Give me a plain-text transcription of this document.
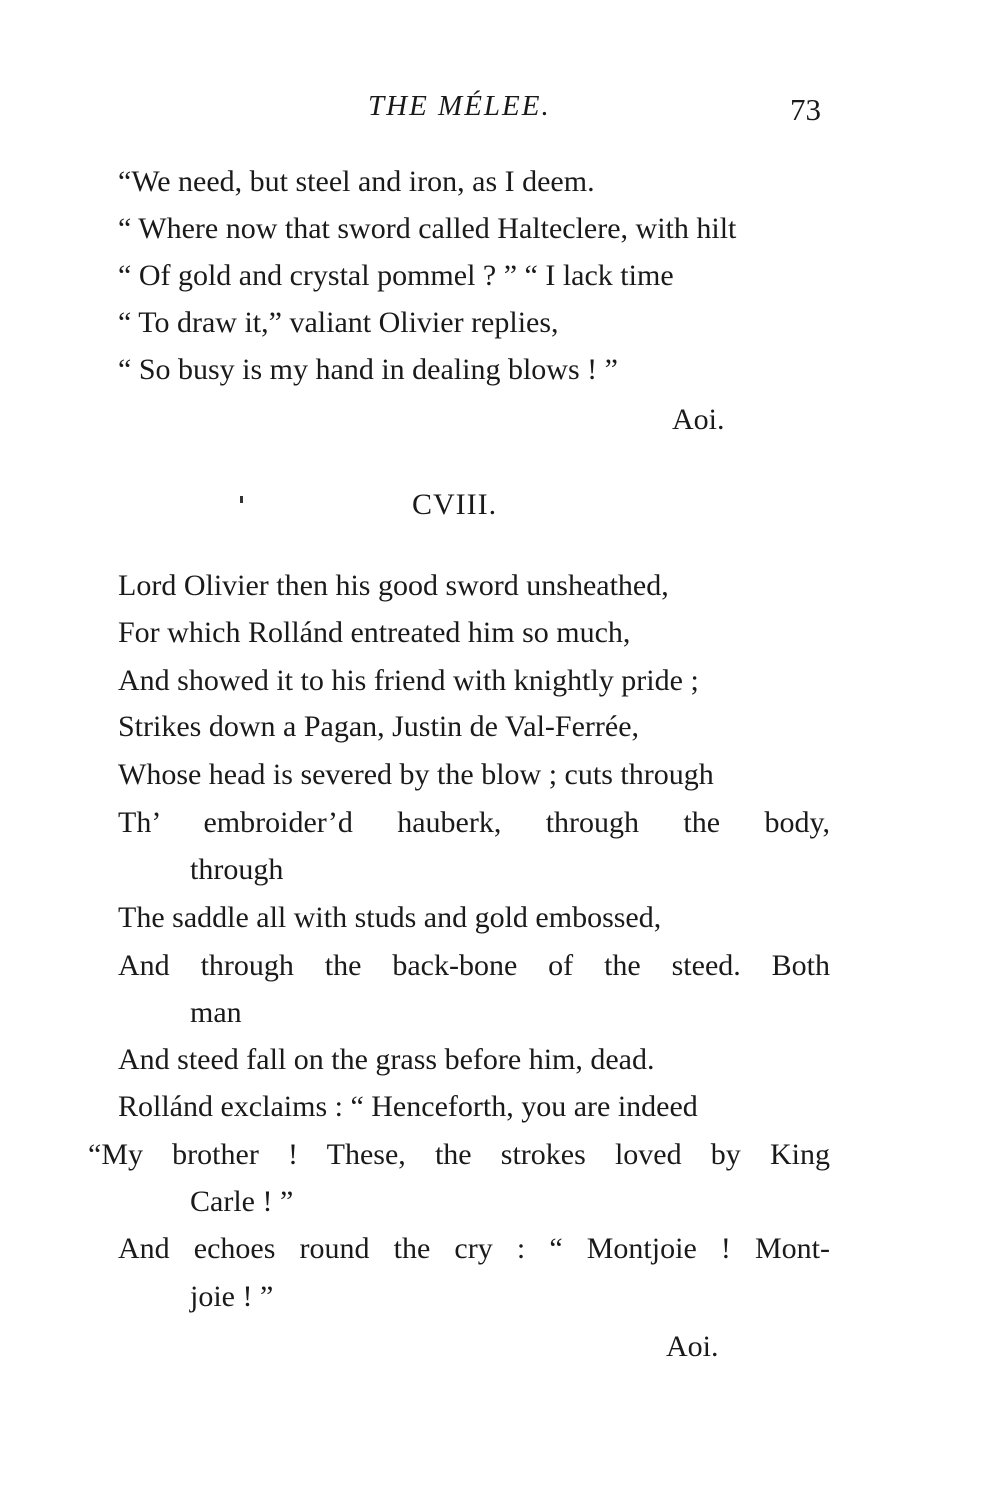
THE MÉLEE.	73

“We need, but steel and iron, as I deem.

“ Where now that sword called Halteclere, with hilt

“ Of gold and crystal pommel ? ” “ I lack time

“ To draw it,” valiant Olivier replies,

“ So busy is my hand in dealing blows ! ”

Aoi.
CVIII.

Lord Olivier then his good sword unsheathed,

For which Rollánd entreated him so much,

And showed it to his friend with knightly pride ;

Strikes down a Pagan, Justin de Val-Ferrée,

Whose head is severed by the blow ; cuts through

Th’ embroider’d hauberk, through the body,

through

The saddle all with studs and gold embossed,

And through the back-bone of the steed. Both

man

And steed fall on the grass before him, dead.

Rollánd exclaims : “ Henceforth, you are indeed

“My brother ! These, the strokes loved by King

Carle ! ”

And echoes round the cry : “ Montjoie ! Mont-

joie ! ”

Aoi.
